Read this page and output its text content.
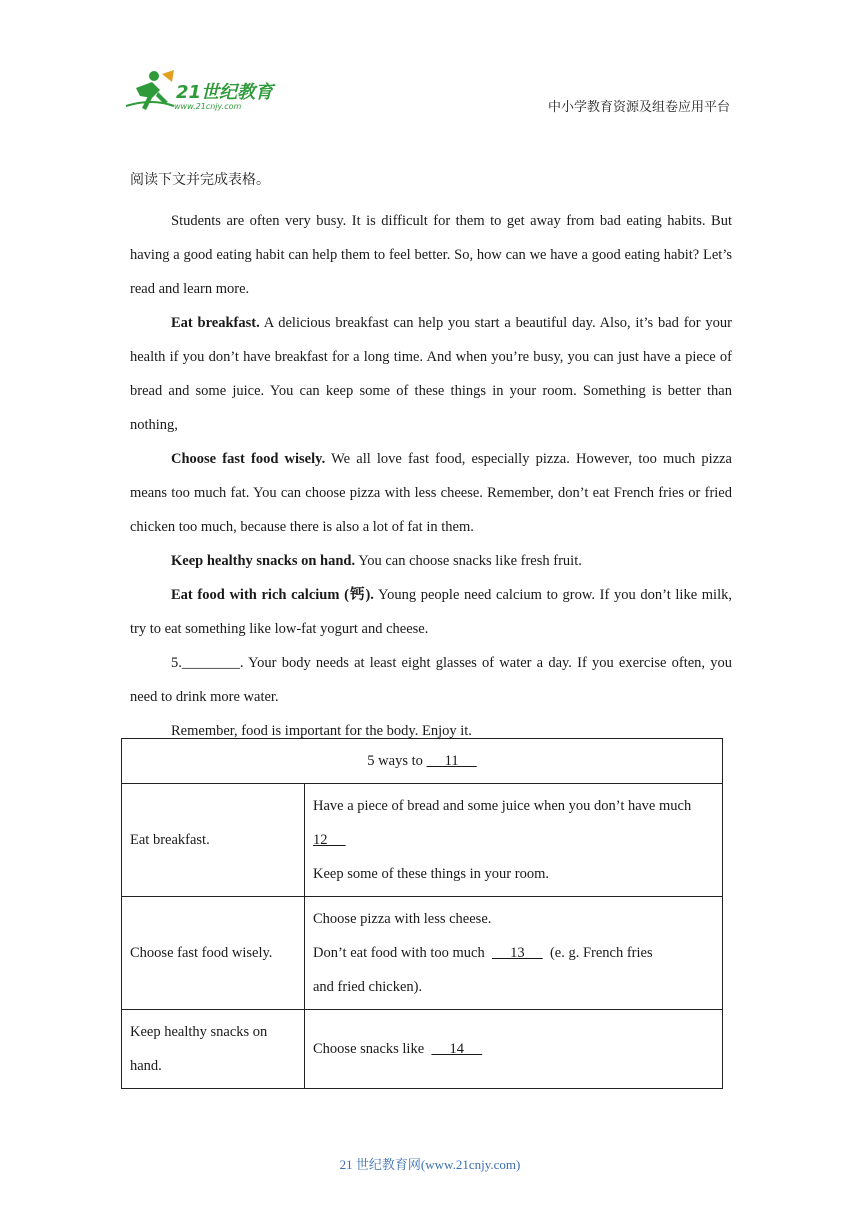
21世纪教育
www.21cnjy.com	中小学教育资源及组卷应用平台

阅读下文并完成表格。

Students are often very busy. It is difficult for them to get away from bad eating habits. But having a good eating habit can help them to feel better. So, how can we have a good eating habit? Let’s read and learn more.

Eat breakfast. A delicious breakfast can help you start a beautiful day. Also, it’s bad for your health if you don’t have breakfast for a long time. And when you’re busy, you can just have a piece of bread and some juice. You can keep some of these things in your room. Something is better than nothing,

Choose fast food wisely. We all love fast food, especially pizza. However, too much pizza means too much fat. You can choose pizza with less cheese. Remember, don’t eat French fries or fried chicken too much, because there is also a lot of fat in them.

Keep healthy snacks on hand. You can choose snacks like fresh fruit.

Eat food with rich calcium (钙). Young people need calcium to grow. If you don’t like milk, try to eat something like low-fat yogurt and cheese.

5.________. Your body needs at least eight glasses of water a day. If you exercise often, you need to drink more water.

Remember, food is important for the body. Enjoy it.

5 ways to      11	
Eat breakfast.	Have a piece of bread and some juice when you don’t have much
12
Keep some of these things in your room.

Choose fast food wisely.	Choose pizza with less cheese.
Don’t eat food with too much       13       (e. g. French fries
and fried chicken).

Keep healthy snacks on hand.	Choose snacks like       14
21 世纪教育网(www.21cnjy.com)
